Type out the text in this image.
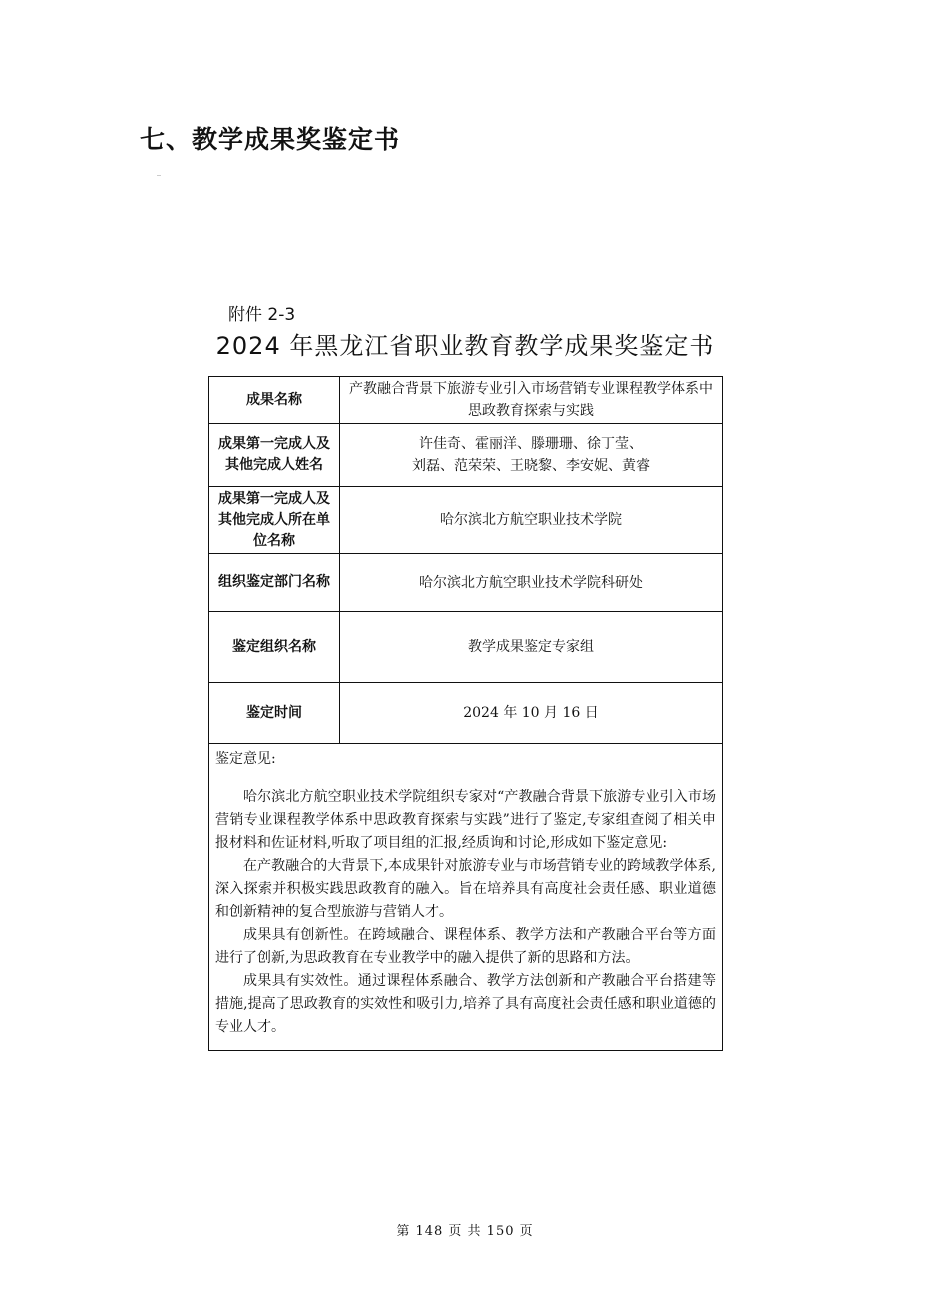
七、教学成果奖鉴定书
附件 2-3
2024 年黑龙江省职业教育教学成果奖鉴定书
成果名称	产教融合背景下旅游专业引入市场营销专业课程教学体系中思政教育探索与实践
成果第一完成人及其他完成人姓名	许佳奇、霍丽洋、滕珊珊、徐丁莹、
刘磊、范荣荣、王晓黎、李安妮、黄睿

成果第一完成人及其他完成人所在单位名称	哈尔滨北方航空职业技术学院
组织鉴定部门名称	哈尔滨北方航空职业技术学院科研处
鉴定组织名称	教学成果鉴定专家组
鉴定时间	2024 年 10 月 16 日

鉴定意见:

哈尔滨北方航空职业技术学院组织专家对“产教融合背景下旅游专业引入市场营销专业课程教学体系中思政教育探索与实践”进行了鉴定,专家组查阅了相关申报材料和佐证材料,听取了项目组的汇报,经质询和讨论,形成如下鉴定意见:

在产教融合的大背景下,本成果针对旅游专业与市场营销专业的跨域教学体系,深入探索并积极实践思政教育的融入。旨在培养具有高度社会责任感、职业道德和创新精神的复合型旅游与营销人才。

成果具有创新性。在跨域融合、课程体系、教学方法和产教融合平台等方面进行了创新,为思政教育在专业教学中的融入提供了新的思路和方法。

成果具有实效性。通过课程体系融合、教学方法创新和产教融合平台搭建等措施,提高了思政教育的实效性和吸引力,培养了具有高度社会责任感和职业道德的专业人才。	

第 148 页 共 150 页
